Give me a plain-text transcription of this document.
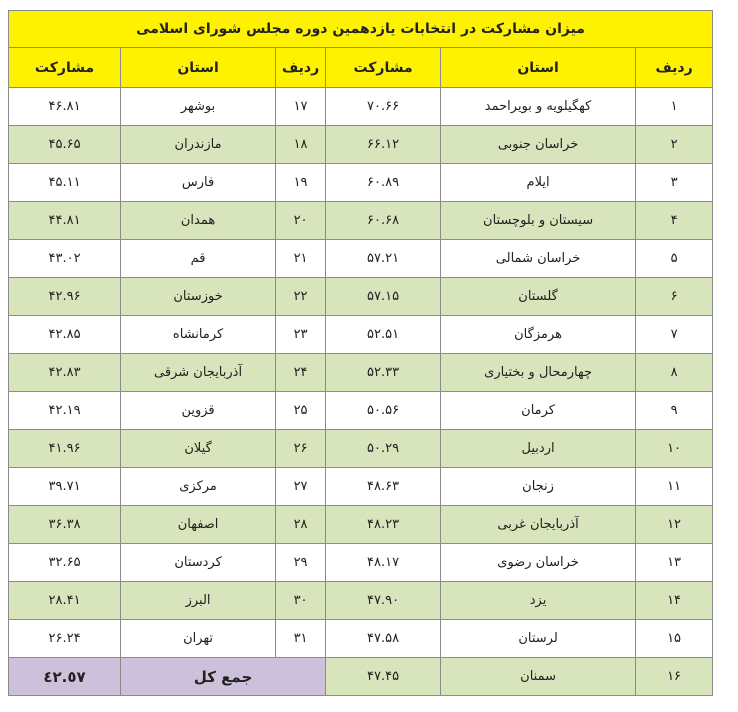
میزان مشارکت در انتخابات یازدهمین دوره مجلس شورای اسلامی					
ردیف	استان	مشارکت	ردیف	استان	مشارکت
۱	کهگیلویه و بویراحمد	۷۰.۶۶	۱۷	بوشهر	۴۶.۸۱
۲	خراسان جنوبی	۶۶.۱۲	۱۸	مازندران	۴۵.۶۵
۳	ایلام	۶۰.۸۹	۱۹	فارس	۴۵.۱۱
۴	سیستان و بلوچستان	۶۰.۶۸	۲۰	همدان	۴۴.۸۱
۵	خراسان شمالی	۵۷.۲۱	۲۱	قم	۴۳.۰۲
۶	گلستان	۵۷.۱۵	۲۲	خوزستان	۴۲.۹۶
۷	هرمزگان	۵۲.۵۱	۲۳	کرمانشاه	۴۲.۸۵
۸	چهارمحال و بختیاری	۵۲.۳۳	۲۴	آذربایجان شرقی	۴۲.۸۳
۹	کرمان	۵۰.۵۶	۲۵	قزوین	۴۲.۱۹
۱۰	اردبیل	۵۰.۲۹	۲۶	گیلان	۴۱.۹۶
۱۱	زنجان	۴۸.۶۳	۲۷	مرکزی	۳۹.۷۱
۱۲	آذربایجان غربی	۴۸.۲۳	۲۸	اصفهان	۳۶.۳۸
۱۳	خراسان رضوی	۴۸.۱۷	۲۹	کردستان	۳۲.۶۵
۱۴	یزد	۴۷.۹۰	۳۰	البرز	۲۸.۴۱
۱۵	لرستان	۴۷.۵۸	۳۱	تهران	۲۶.۲۴
۱۶	سمنان	۴۷.۴۵	جمع کل		٤٢.٥٧
